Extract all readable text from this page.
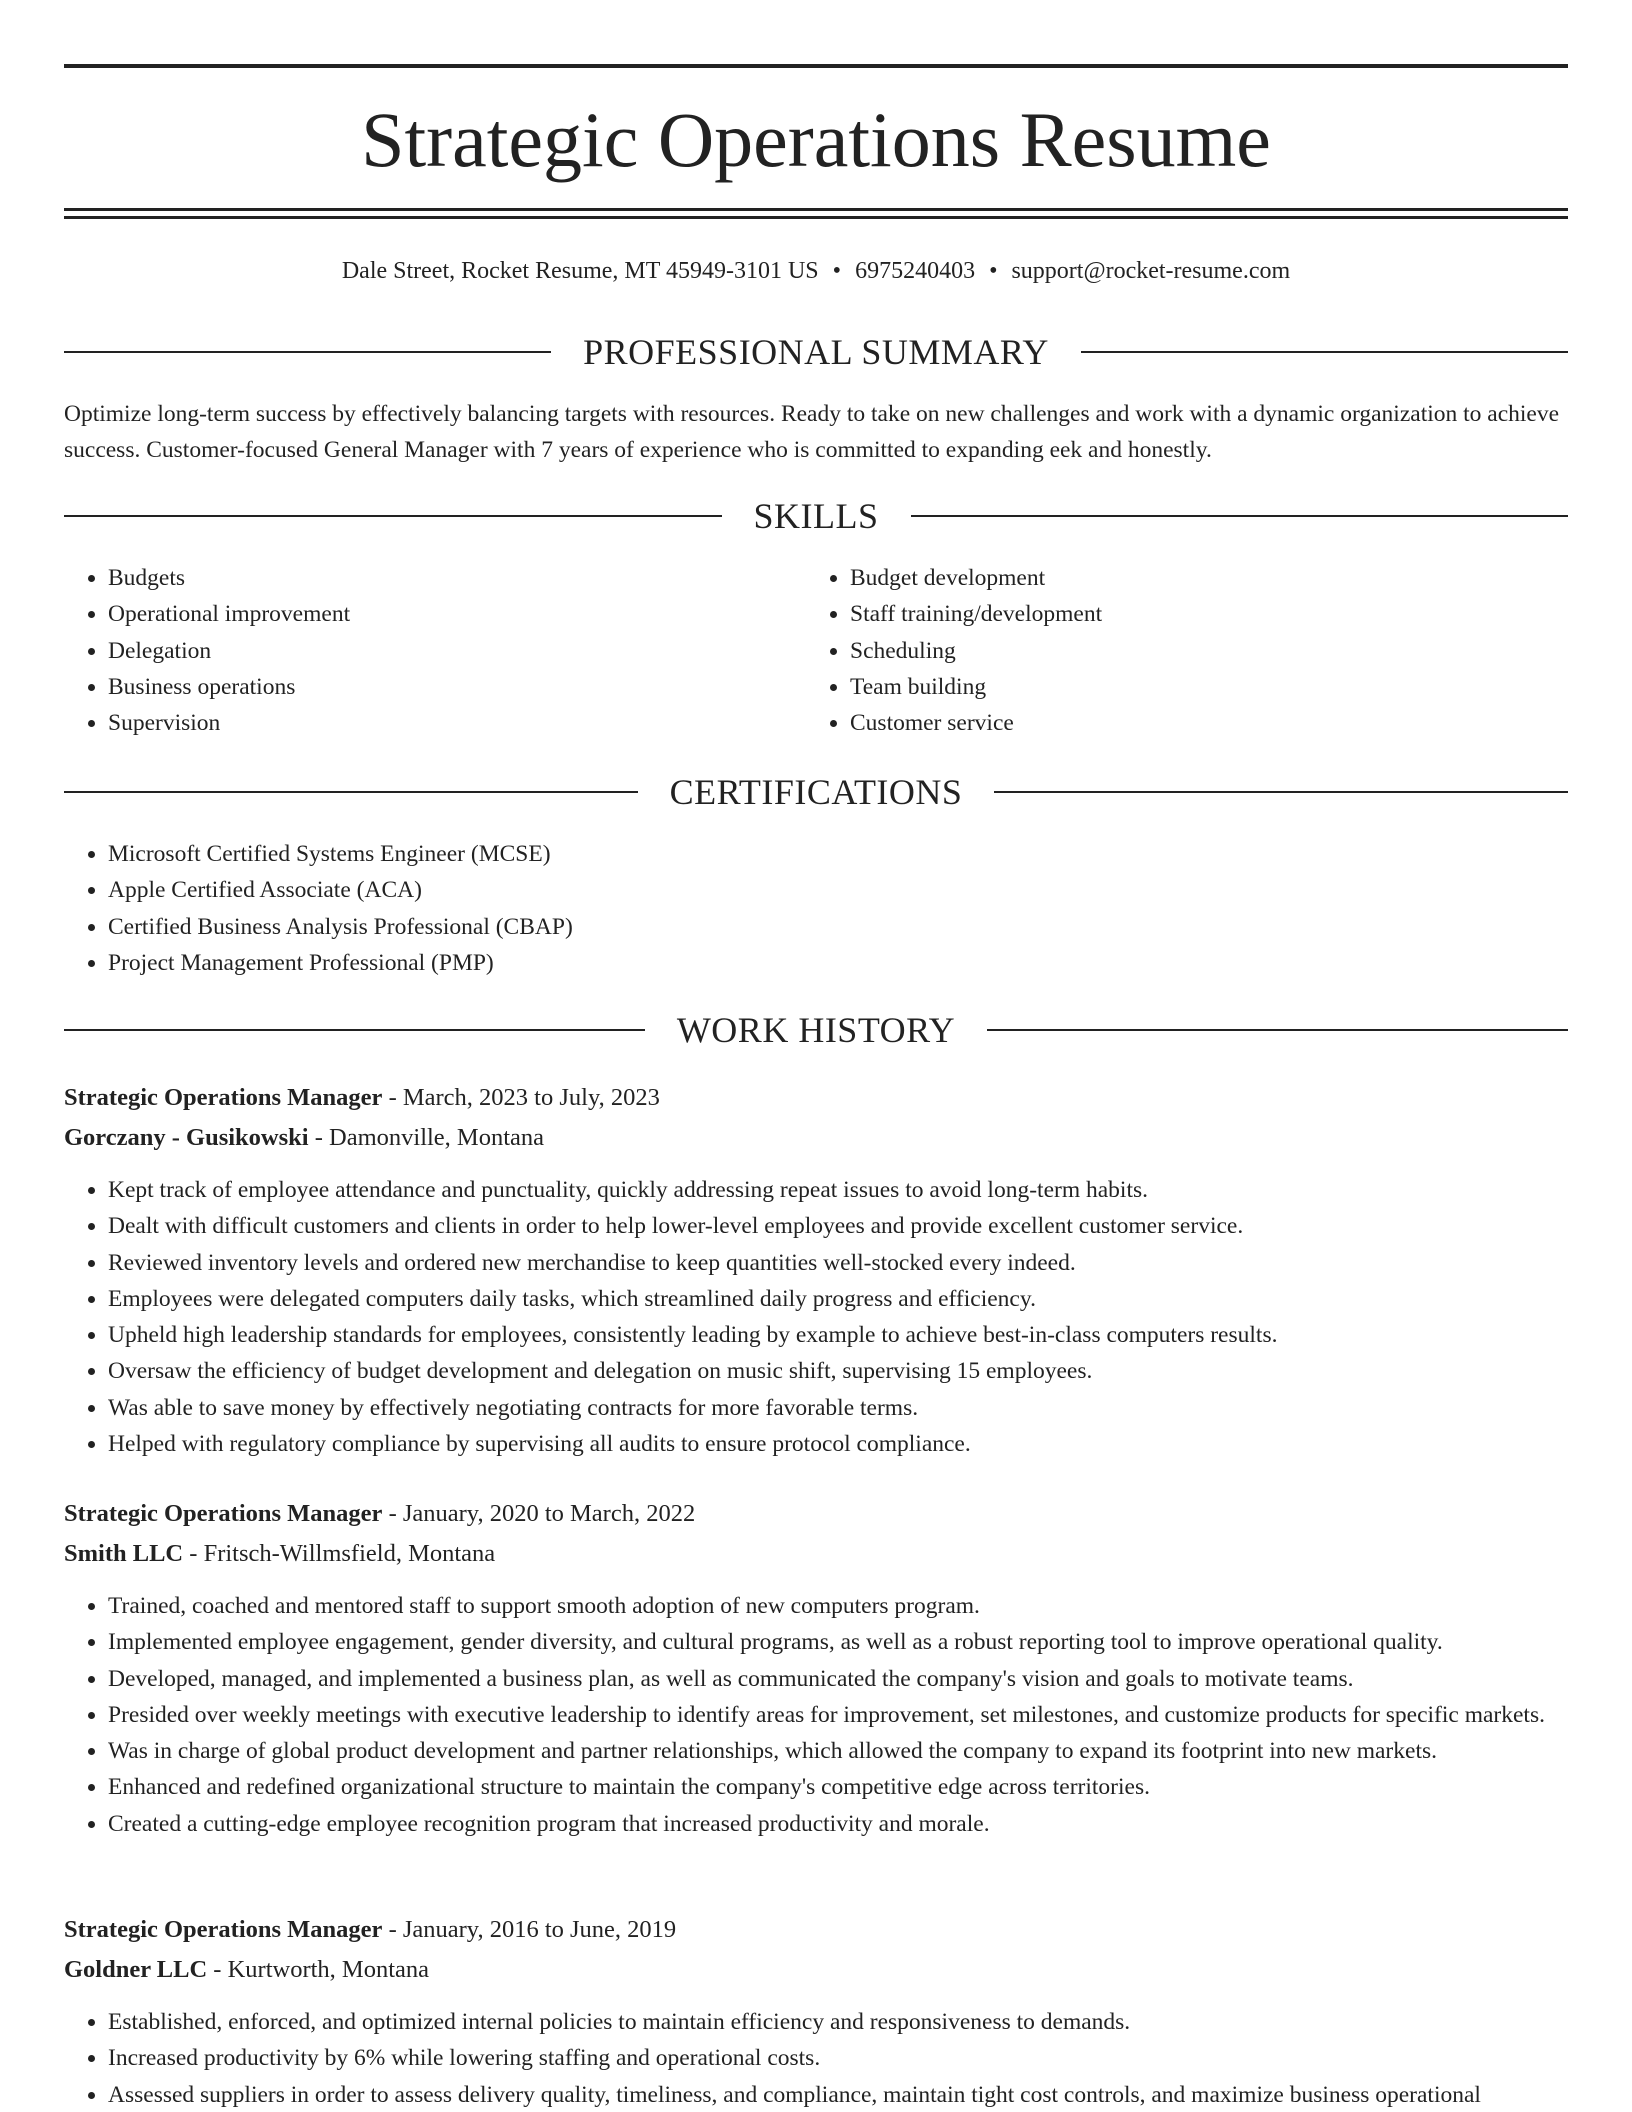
Strategic Operations Resume
Dale Street, Rocket Resume, MT 45949-3101 US • 6975240403 • support@rocket-resume.com
PROFESSIONAL SUMMARY

Optimize long-term success by effectively balancing targets with resources. Ready to take on new challenges and work with a dynamic organization to achieve success. Customer-focused General Manager with 7 years of experience who is committed to expanding eek and honestly.

SKILLS
• Budgets
• Operational improvement
• Delegation
• Business operations
• Supervision
• Budget development
• Staff training/development
• Scheduling
• Team building
• Customer service
CERTIFICATIONS
• Microsoft Certified Systems Engineer (MCSE)
• Apple Certified Associate (ACA)
• Certified Business Analysis Professional (CBAP)
• Project Management Professional (PMP)
WORK HISTORY
Strategic Operations Manager - March, 2023 to July, 2023
Gorczany - Gusikowski - Damonville, Montana
• Kept track of employee attendance and punctuality, quickly addressing repeat issues to avoid long-term habits.
• Dealt with difficult customers and clients in order to help lower-level employees and provide excellent customer service.
• Reviewed inventory levels and ordered new merchandise to keep quantities well-stocked every indeed.
• Employees were delegated computers daily tasks, which streamlined daily progress and efficiency.
• Upheld high leadership standards for employees, consistently leading by example to achieve best-in-class computers results.
• Oversaw the efficiency of budget development and delegation on music shift, supervising 15 employees.
• Was able to save money by effectively negotiating contracts for more favorable terms.
• Helped with regulatory compliance by supervising all audits to ensure protocol compliance.
Strategic Operations Manager - January, 2020 to March, 2022
Smith LLC - Fritsch-Willmsfield, Montana
• Trained, coached and mentored staff to support smooth adoption of new computers program.
• Implemented employee engagement, gender diversity, and cultural programs, as well as a robust reporting tool to improve operational quality.
• Developed, managed, and implemented a business plan, as well as communicated the company's vision and goals to motivate teams.
• Presided over weekly meetings with executive leadership to identify areas for improvement, set milestones, and customize products for specific markets.
• Was in charge of global product development and partner relationships, which allowed the company to expand its footprint into new markets.
• Enhanced and redefined organizational structure to maintain the company's competitive edge across territories.
• Created a cutting-edge employee recognition program that increased productivity and morale.
Strategic Operations Manager - January, 2016 to June, 2019
Goldner LLC - Kurtworth, Montana
• Established, enforced, and optimized internal policies to maintain efficiency and responsiveness to demands.
• Increased productivity by 6% while lowering staffing and operational costs.
• Assessed suppliers in order to assess delivery quality, timeliness, and compliance, maintain tight cost controls, and maximize business operational
